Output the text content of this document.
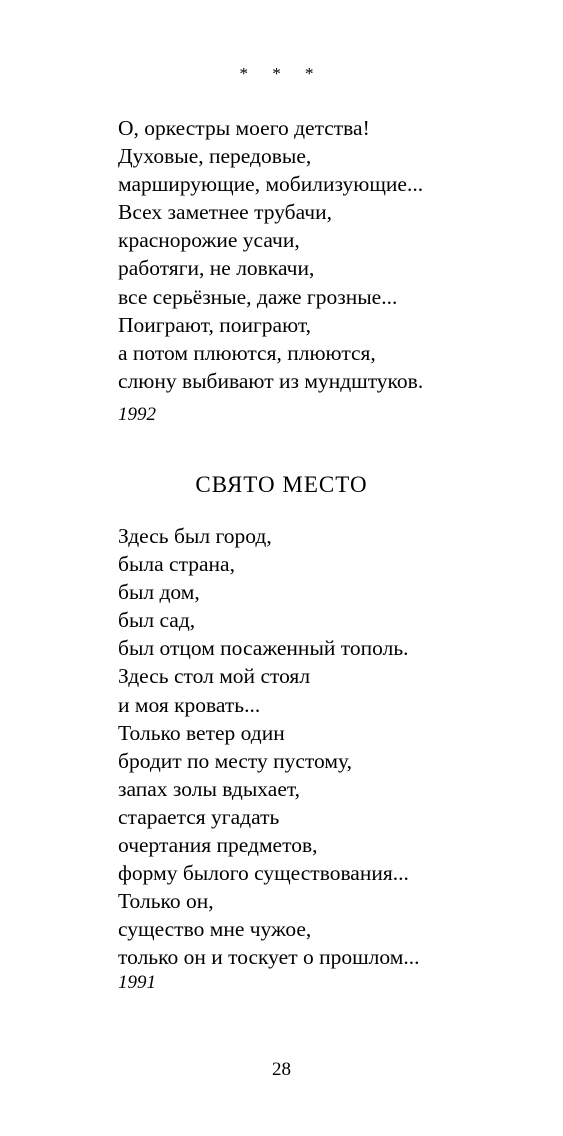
* * *
О, оркестры моего детства!
Духовые, передовые,
марширующие, мобилизующие...
Всех заметнее трубачи,
краснорожие усачи,
работяги, не ловкачи,
все серьёзные, даже грозные...
Поиграют, поиграют,
а потом плюются, плюются,
слюну выбивают из мундштуков.
1992
СВЯТО МЕСТО
Здесь был город,
была страна,
был дом,
был сад,
был отцом посаженный тополь.
Здесь стол мой стоял
и моя кровать...
Только ветер один
бродит по месту пустому,
запах золы вдыхает,
старается угадать
очертания предметов,
форму былого существования...
Только он,
существо мне чужое,
только он и тоскует о прошлом...
1991
28
